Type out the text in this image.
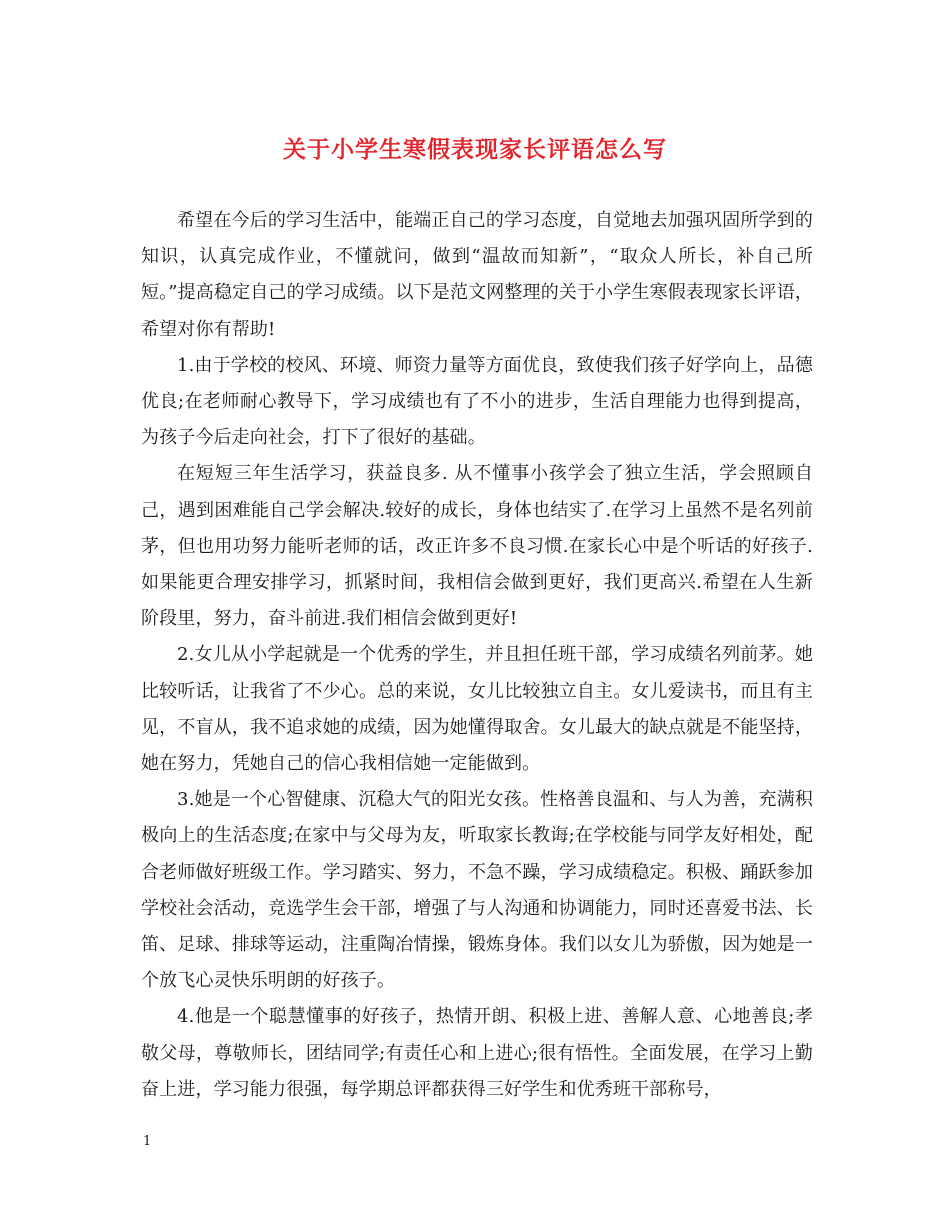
关于小学生寒假表现家长评语怎么写

希望在今后的学习生活中，能端正自己的学习态度，自觉地去加强巩固所学到的知识，认真完成作业，不懂就问，做到“温故而知新”，“取众人所长，补自己所短。”提高稳定自己的学习成绩。以下是范文网整理的关于小学生寒假表现家长评语，希望对你有帮助!

1.由于学校的校风、环境、师资力量等方面优良，致使我们孩子好学向上，品德优良;在老师耐心教导下，学习成绩也有了不小的进步，生活自理能力也得到提高，为孩子今后走向社会，打下了很好的基础。

在短短三年生活学习，获益良多. 从不懂事小孩学会了独立生活，学会照顾自己，遇到困难能自己学会解决.较好的成长，身体也结实了.在学习上虽然不是名列前茅，但也用功努力能听老师的话，改正许多不良习惯.在家长心中是个听话的好孩子.如果能更合理安排学习，抓紧时间，我相信会做到更好，我们更高兴.希望在人生新阶段里，努力，奋斗前进.我们相信会做到更好!

2.女儿从小学起就是一个优秀的学生，并且担任班干部，学习成绩名列前茅。她比较听话，让我省了不少心。总的来说，女儿比较独立自主。女儿爱读书，而且有主见，不盲从，我不追求她的成绩，因为她懂得取舍。女儿最大的缺点就是不能坚持，她在努力，凭她自己的信心我相信她一定能做到。

3.她是一个心智健康、沉稳大气的阳光女孩。性格善良温和、与人为善，充满积极向上的生活态度;在家中与父母为友，听取家长教诲;在学校能与同学友好相处，配合老师做好班级工作。学习踏实、努力，不急不躁，学习成绩稳定。积极、踊跃参加学校社会活动，竞选学生会干部，增强了与人沟通和协调能力，同时还喜爱书法、长笛、足球、排球等运动，注重陶冶情操，锻炼身体。我们以女儿为骄傲，因为她是一个放飞心灵快乐明朗的好孩子。

4.他是一个聪慧懂事的好孩子，热情开朗、积极上进、善解人意、心地善良;孝敬父母，尊敬师长，团结同学;有责任心和上进心;很有悟性。全面发展，在学习上勤奋上进，学习能力很强，每学期总评都获得三好学生和优秀班干部称号，

1
